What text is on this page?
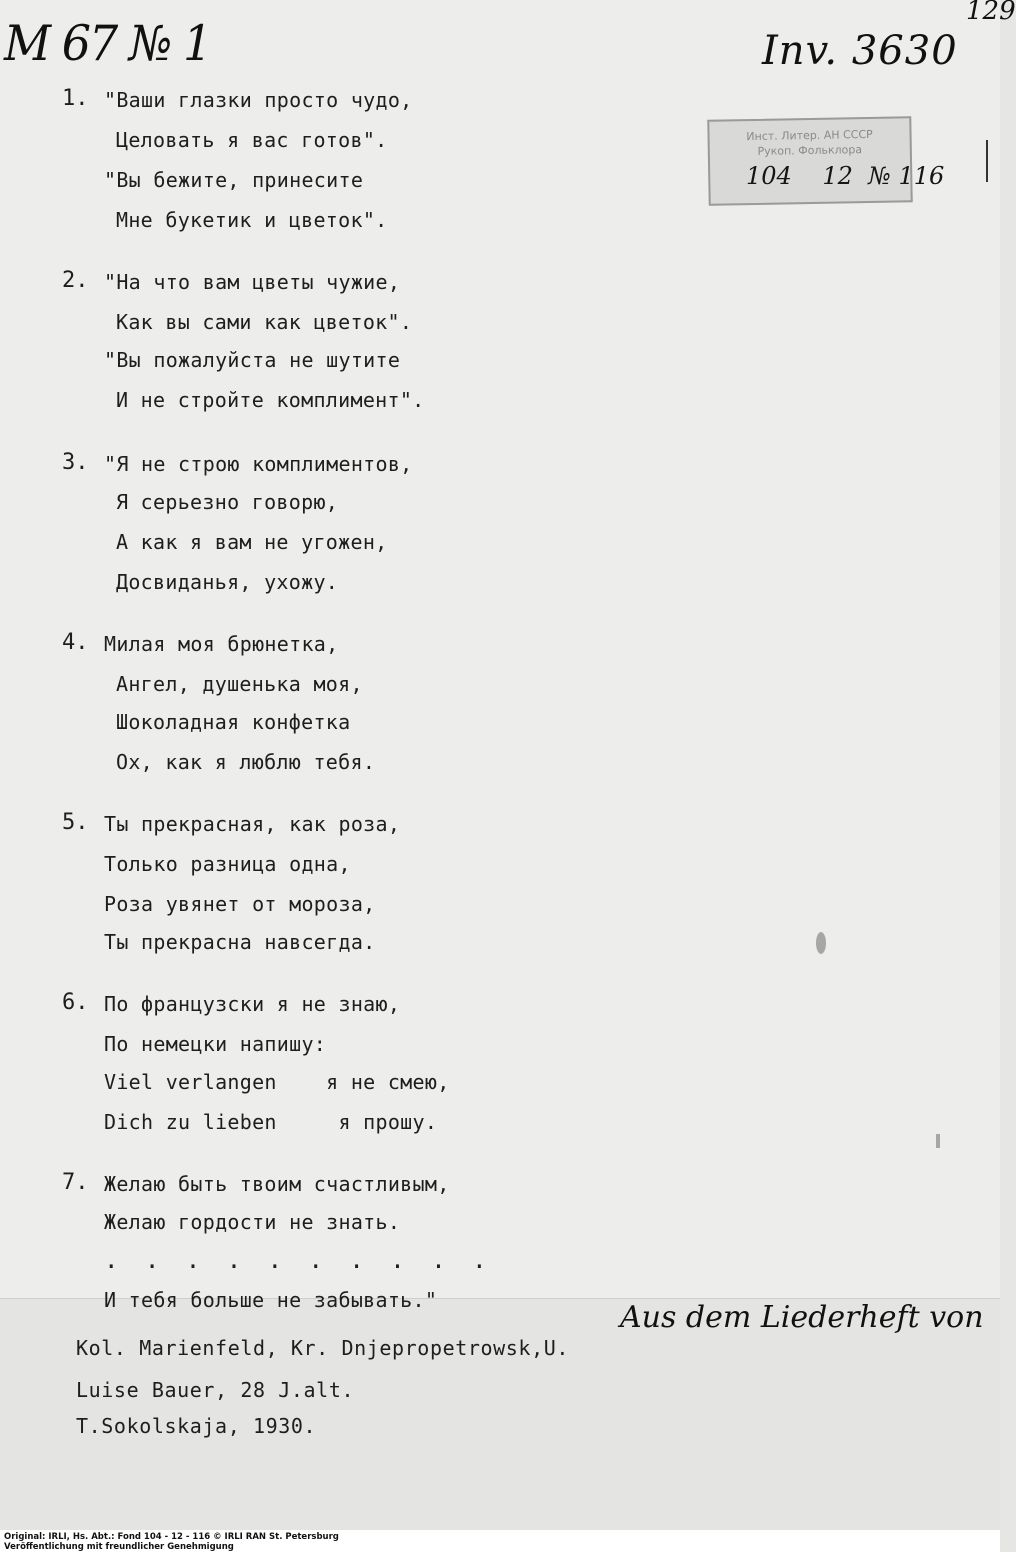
M 67 № 1	Inv. 3630
129
Инст. Литер. АН СССР
Рукоп. Фольклора
104    12  № 116
1. "Ваши глазки просто чудо,
Целовать я вас готов".
"Вы бежите, принесите
Мне букетик и цветок".
2. "На что вам цветы чужие,
Как вы сами как цветок".
"Вы пожалуйста не шутите
И не стройте комплимент".
3. "Я не строю комплиментов,
Я серьезно говорю,
А как я вам не угожен,
Досвиданья, ухожу.
4. Милая моя брюнетка,
Ангел, душенька моя,
Шоколадная конфетка
Ох, как я люблю тебя.
5. Ты прекрасная, как роза,
Только разница одна,
Роза увянет от мороза,
Ты прекрасна навсегда.
6. По французски я не знаю,
По немецки напишу:
Viel verlangen    я не смею,
Dich zu lieben     я прошу.
7. Желаю быть твоим счастливым,
Желаю гордости не знать.
. . . . . . . . . .
И тебя больше не забывать."
Kol. Marienfeld, Kr. Dnjepropetrowsk,U.
Aus dem Liederheft von
Luise Bauer, 28 J.alt.
T.Sokolskaja, 1930.
Original: IRLI, Hs. Abt.: Fond 104 - 12 - 116 © IRLI RAN St. Petersburg
Veröffentlichung mit freundlicher Genehmigung
